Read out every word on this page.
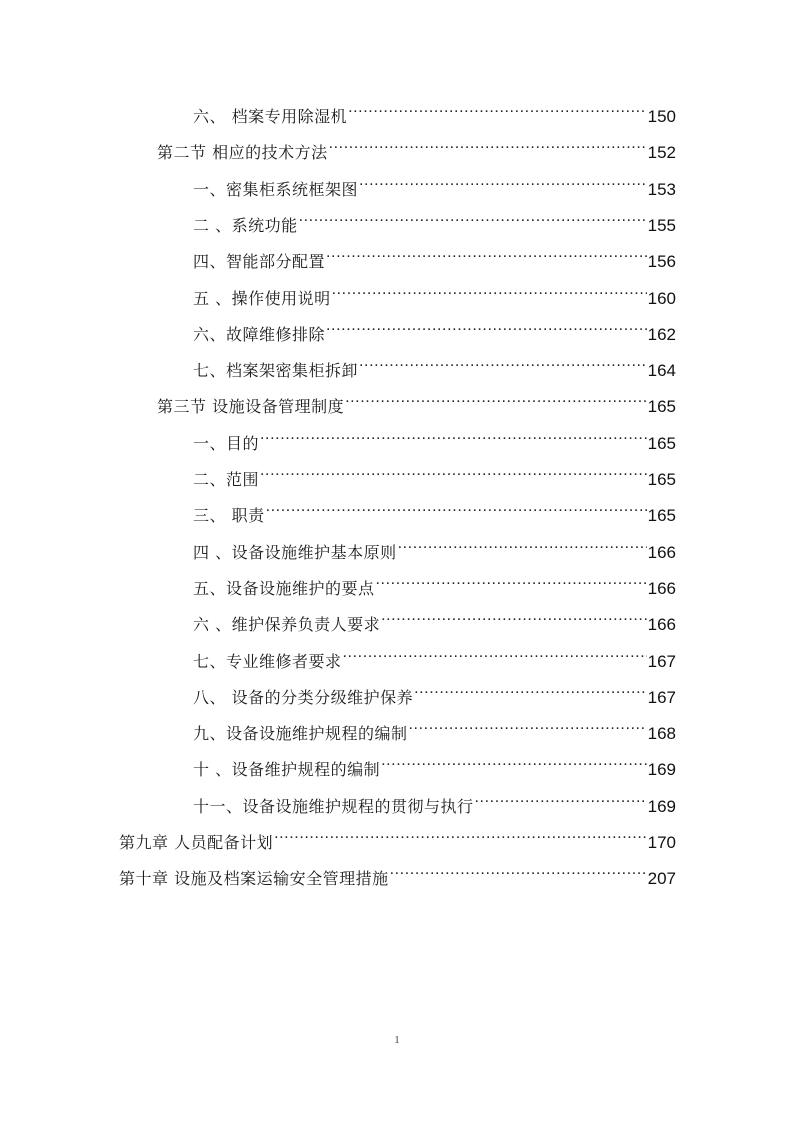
六、 档案专用除湿机 .....	150
第二节 相应的技术方法 .....	152
一、密集柜系统框架图 .....	153
二 、系统功能 .....	155
四、智能部分配置 .....	156
五 、操作使用说明 .....	160
六、故障维修排除 .....	162
七、档案架密集柜拆卸 .....	164
第三节 设施设备管理制度 .....	165
一、目的 .....	165
二、范围 .....	165
三、 职责 .....	165
四 、设备设施维护基本原则 .....	166
五、设备设施维护的要点 .....	166
六 、维护保养负责人要求 .....	166
七、专业维修者要求 .....	167
八、 设备的分类分级维护保养 .....	167
九、设备设施维护规程的编制 .....	168
十 、设备维护规程的编制 .....	169
十一、设备设施维护规程的贯彻与执行 .....	169
第九章 人员配备计划 .....	170
第十章 设施及档案运输安全管理措施 .....	207
1
